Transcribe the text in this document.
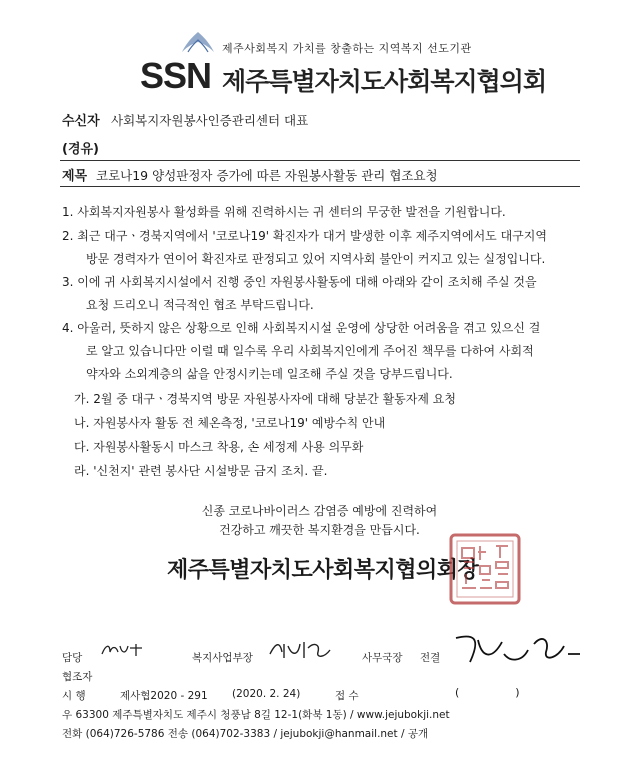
제주사회복지 가치를 창출하는 지역복지 선도기관
SSN 제주특별자치도사회복지협의회
수신자 사회복지자원봉사인증관리센터 대표
(경유)
제목 코로나19 양성판정자 증가에 따른 자원봉사활동 관리 협조요청
1. 사회복지자원봉사 활성화를 위해 진력하시는 귀 센터의 무궁한 발전을 기원합니다.
2. 최근 대구ㆍ경북지역에서 '코로나19' 확진자가 대거 발생한 이후 제주지역에서도 대구지역
방문 경력자가 연이어 확진자로 판정되고 있어 지역사회 불안이 커지고 있는 실정입니다.
3. 이에 귀 사회복지시설에서 진행 중인 자원봉사활동에 대해 아래와 같이 조치해 주실 것을
요청 드리오니 적극적인 협조 부탁드립니다.
4. 아울러, 뜻하지 않은 상황으로 인해 사회복지시설 운영에 상당한 어려움을 겪고 있으신 걸
로 알고 있습니다만 이럴 때 일수록 우리 사회복지인에게 주어진 책무를 다하여 사회적
약자와 소외계층의 삶을 안정시키는데 일조해 주실 것을 당부드립니다.
가. 2월 중 대구ㆍ경북지역 방문 자원봉사자에 대해 당분간 활동자제 요청
나. 자원봉사자 활동 전 체온측정, '코로나19' 예방수칙 안내
다. 자원봉사활동시 마스크 착용, 손 세정제 사용 의무화
라. '신천지' 관련 봉사단 시설방문 금지 조치. 끝.
신종 코로나바이러스 감염증 예방에 진력하여
건강하고 깨끗한 복지환경을 만듭시다.
제주특별자치도사회복지협의회장
담당	복지사업부장	사무국장 전결
협조자
시 행	제사협2020 - 291 (2020. 2. 24)	접 수	(                )
우 63300 제주특별자치도 제주시 청풍남 8길 12-1(화북 1동) / www.jejubokji.net
전화 (064)726-5786 전송 (064)702-3383 / jejubokji@hanmail.net / 공개
